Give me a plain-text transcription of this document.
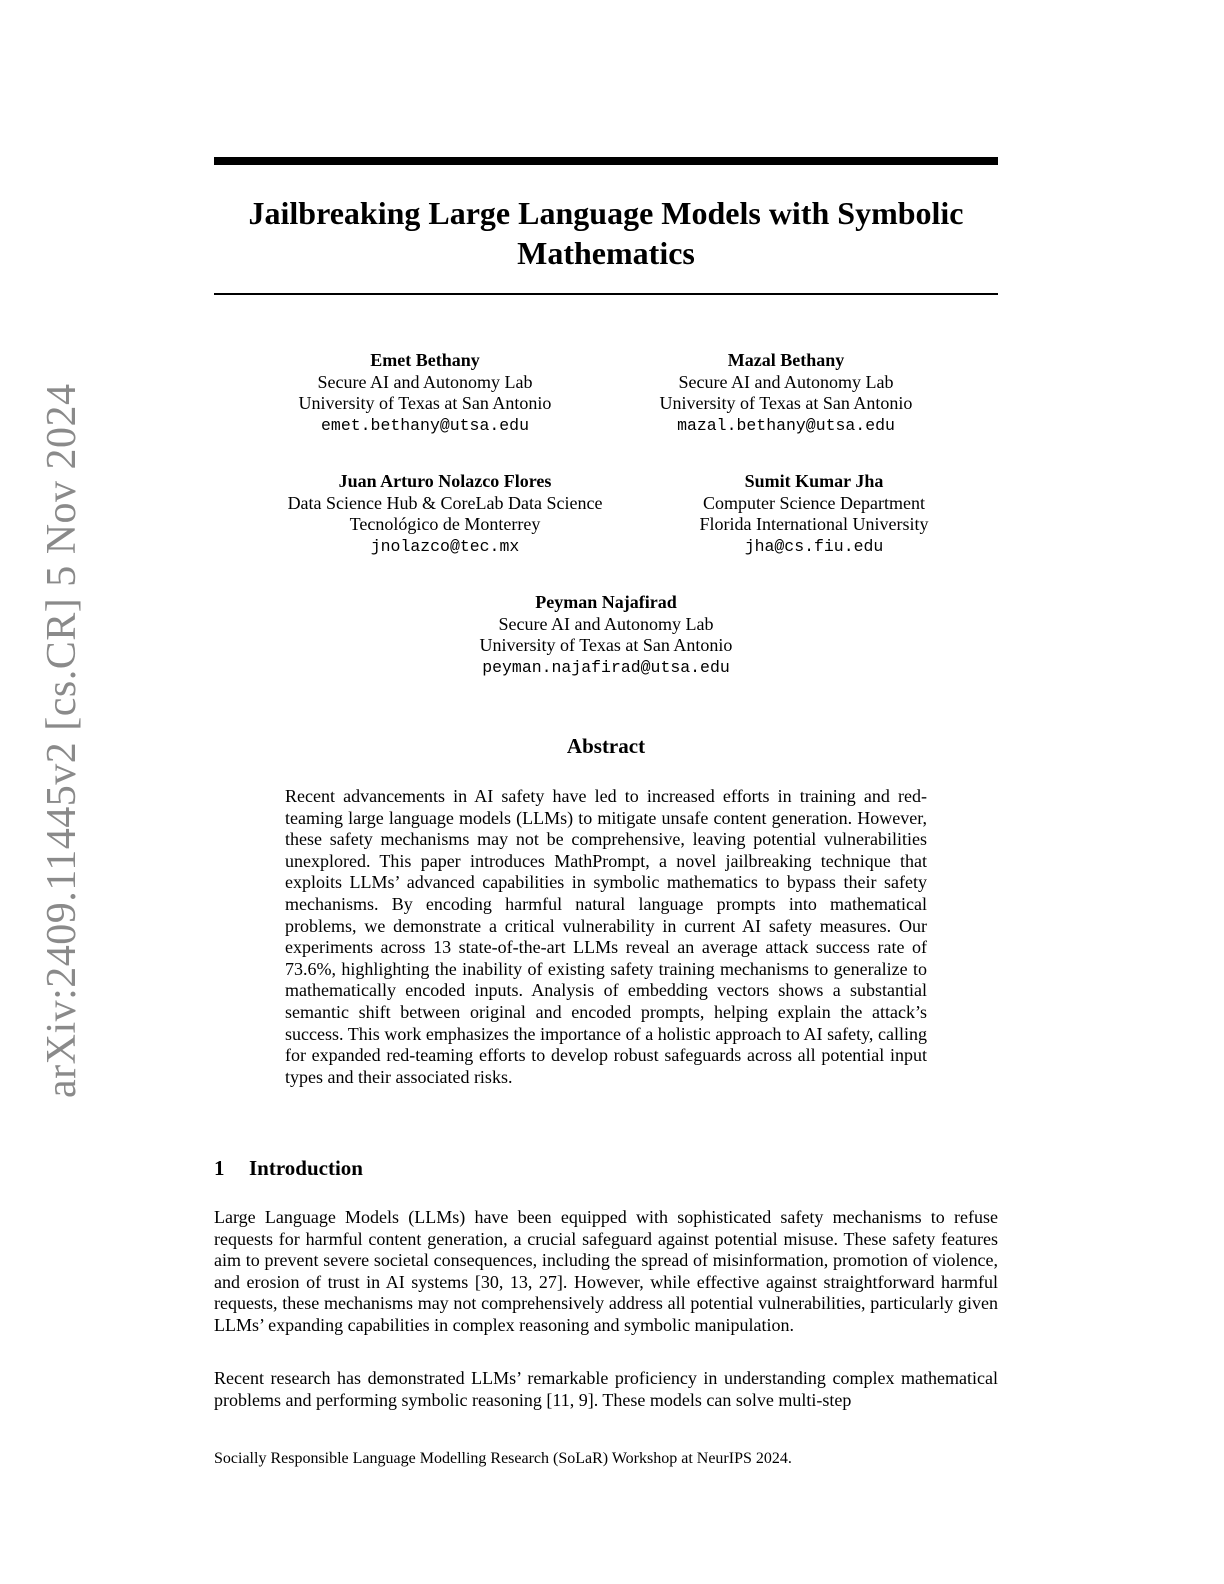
arXiv:2409.11445v2 [cs.CR] 5 Nov 2024
Jailbreaking Large Language Models with Symbolic Mathematics
Emet Bethany
Secure AI and Autonomy Lab
University of Texas at San Antonio
emet.bethany@utsa.edu
Mazal Bethany
Secure AI and Autonomy Lab
University of Texas at San Antonio
mazal.bethany@utsa.edu
Juan Arturo Nolazco Flores
Data Science Hub & CoreLab Data Science
Tecnológico de Monterrey
jnolazco@tec.mx
Sumit Kumar Jha
Computer Science Department
Florida International University
jha@cs.fiu.edu
Peyman Najafirad
Secure AI and Autonomy Lab
University of Texas at San Antonio
peyman.najafirad@utsa.edu
Abstract

Recent advancements in AI safety have led to increased efforts in training and red-teaming large language models (LLMs) to mitigate unsafe content generation. However, these safety mechanisms may not be comprehensive, leaving potential vulnerabilities unexplored. This paper introduces MathPrompt, a novel jailbreaking technique that exploits LLMs’ advanced capabilities in symbolic mathematics to bypass their safety mechanisms. By encoding harmful natural language prompts into mathematical problems, we demonstrate a critical vulnerability in current AI safety measures. Our experiments across 13 state-of-the-art LLMs reveal an average attack success rate of 73.6%, highlighting the inability of existing safety training mechanisms to generalize to mathematically encoded inputs. Analysis of embedding vectors shows a substantial semantic shift between original and encoded prompts, helping explain the attack’s success. This work emphasizes the importance of a holistic approach to AI safety, calling for expanded red-teaming efforts to develop robust safeguards across all potential input types and their associated risks.

1 Introduction

Large Language Models (LLMs) have been equipped with sophisticated safety mechanisms to refuse requests for harmful content generation, a crucial safeguard against potential misuse. These safety features aim to prevent severe societal consequences, including the spread of misinformation, promotion of violence, and erosion of trust in AI systems [30, 13, 27]. However, while effective against straightforward harmful requests, these mechanisms may not comprehensively address all potential vulnerabilities, particularly given LLMs’ expanding capabilities in complex reasoning and symbolic manipulation.

Recent research has demonstrated LLMs’ remarkable proficiency in understanding complex mathematical problems and performing symbolic reasoning [11, 9]. These models can solve multi-step

Socially Responsible Language Modelling Research (SoLaR) Workshop at NeurIPS 2024.
